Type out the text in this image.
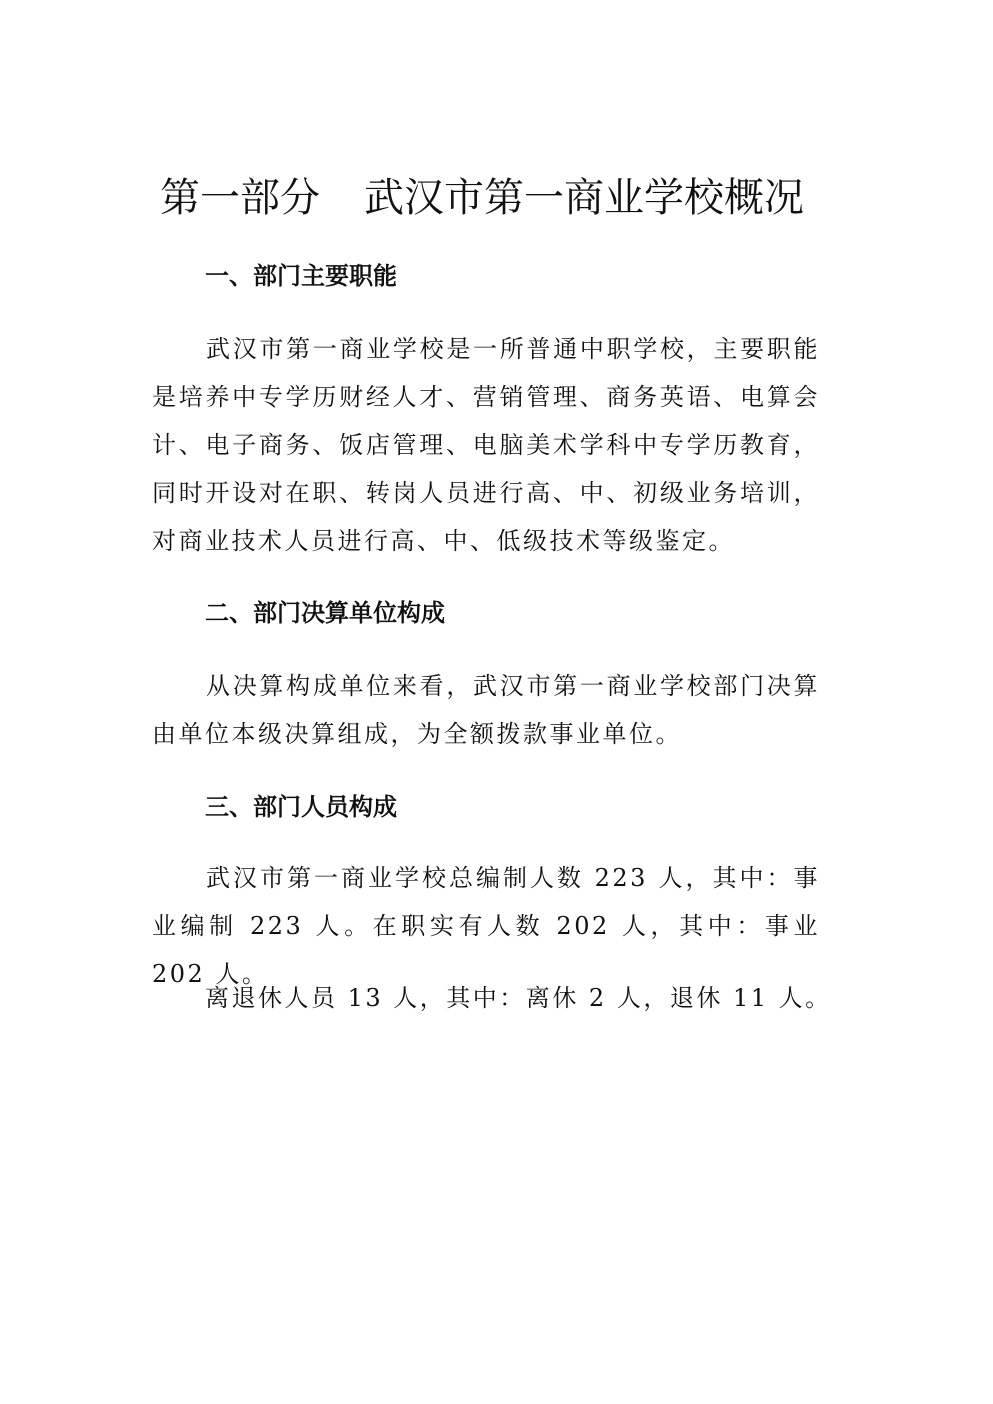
第一部分 武汉市第一商业学校概况
一、部门主要职能

武汉市第一商业学校是一所普通中职学校，主要职能是培养中专学历财经人才、营销管理、商务英语、电算会计、电子商务、饭店管理、电脑美术学科中专学历教育，同时开设对在职、转岗人员进行高、中、初级业务培训，对商业技术人员进行高、中、低级技术等级鉴定。

二、部门决算单位构成

从决算构成单位来看，武汉市第一商业学校部门决算由单位本级决算组成，为全额拨款事业单位。

三、部门人员构成

武汉市第一商业学校总编制人数 223 人，其中：事业编制 223 人。在职实有人数 202 人，其中：事业 202 人。

离退休人员 13 人，其中：离休 2 人，退休 11 人。
